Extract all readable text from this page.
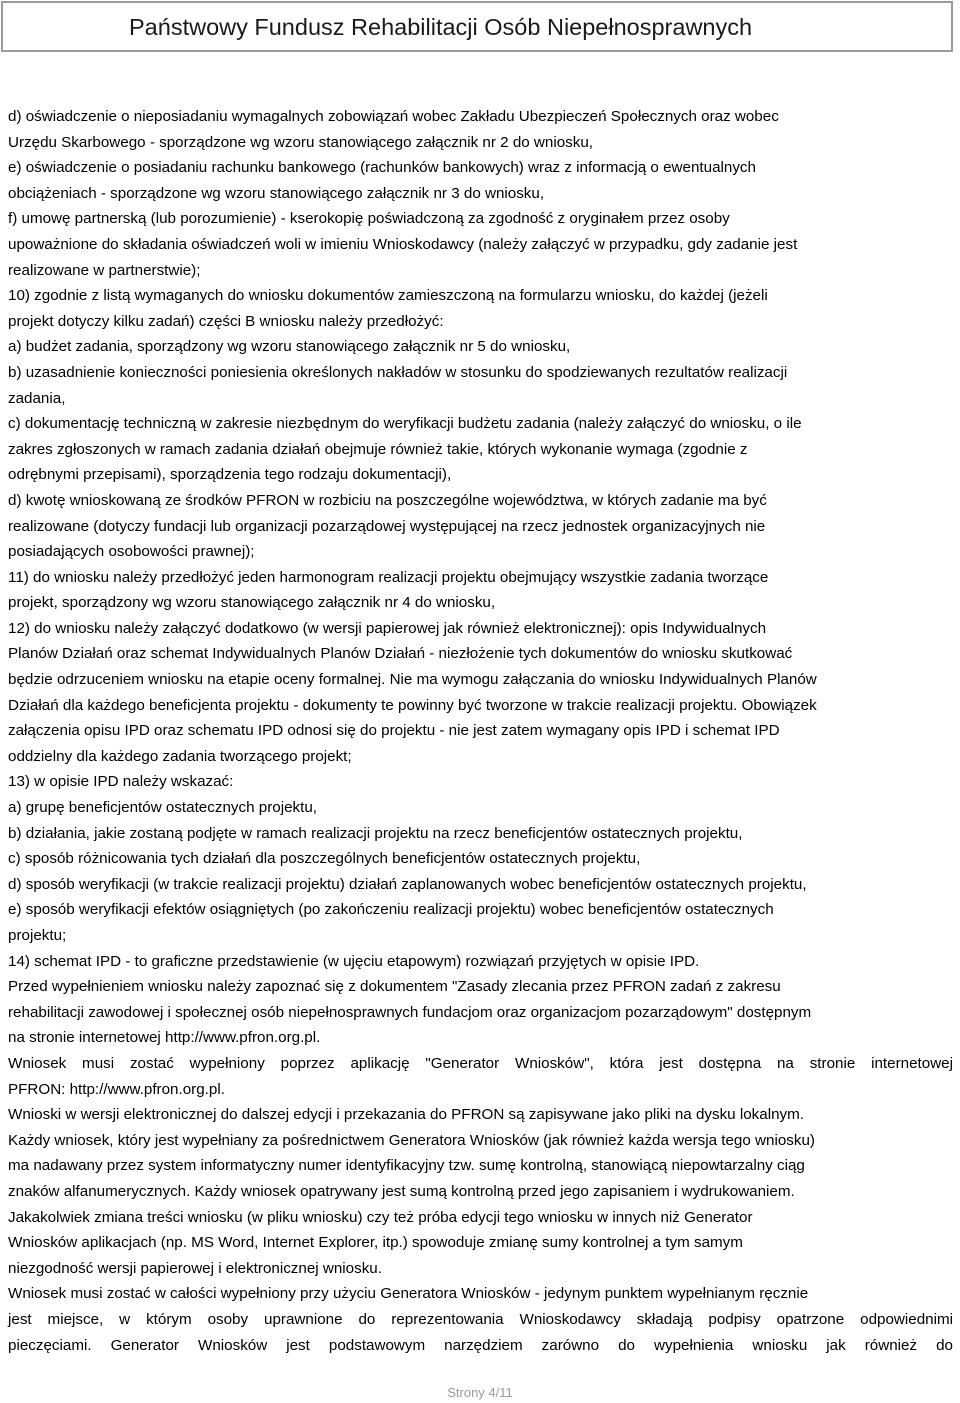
Państwowy Fundusz Rehabilitacji Osób Niepełnosprawnych
d) oświadczenie o nieposiadaniu wymagalnych zobowiązań wobec Zakładu Ubezpieczeń Społecznych oraz wobec
Urzędu Skarbowego - sporządzone wg wzoru stanowiącego załącznik nr 2 do wniosku,
e) oświadczenie o posiadaniu rachunku bankowego (rachunków bankowych) wraz z informacją o ewentualnych
obciążeniach - sporządzone wg wzoru stanowiącego załącznik nr 3 do wniosku,
f) umowę partnerską (lub porozumienie) - kserokopię poświadczoną za zgodność z oryginałem przez osoby
upoważnione do składania oświadczeń woli w imieniu Wnioskodawcy (należy załączyć w przypadku, gdy zadanie jest
realizowane w partnerstwie);
10) zgodnie z listą wymaganych do wniosku dokumentów zamieszczoną na formularzu wniosku, do każdej (jeżeli
projekt dotyczy kilku zadań) części B wniosku należy przedłożyć:
a) budżet zadania, sporządzony wg wzoru stanowiącego załącznik nr 5 do wniosku,
b) uzasadnienie konieczności poniesienia określonych nakładów w stosunku do spodziewanych rezultatów realizacji
zadania,
c) dokumentację techniczną w zakresie niezbędnym do weryfikacji budżetu zadania (należy załączyć do wniosku, o ile
zakres zgłoszonych w ramach zadania działań obejmuje również takie, których wykonanie wymaga (zgodnie z
odrębnymi przepisami), sporządzenia tego rodzaju dokumentacji),
d) kwotę wnioskowaną ze środków PFRON w rozbiciu na poszczególne województwa, w których zadanie ma być
realizowane (dotyczy fundacji lub organizacji pozarządowej występującej na rzecz jednostek organizacyjnych nie
posiadających osobowości prawnej);
11) do wniosku należy przedłożyć jeden harmonogram realizacji projektu obejmujący wszystkie zadania tworzące
projekt, sporządzony wg wzoru stanowiącego załącznik nr 4 do wniosku,
12) do wniosku należy załączyć dodatkowo (w wersji papierowej jak również elektronicznej): opis Indywidualnych
Planów Działań oraz schemat Indywidualnych Planów Działań - niezłożenie tych dokumentów do wniosku skutkować
będzie odrzuceniem wniosku na etapie oceny formalnej. Nie ma wymogu załączania do wniosku Indywidualnych Planów
Działań dla każdego beneficjenta projektu - dokumenty te powinny być tworzone w trakcie realizacji projektu. Obowiązek
załączenia opisu IPD oraz schematu IPD odnosi się do projektu - nie jest zatem wymagany opis IPD i schemat IPD
oddzielny dla każdego zadania tworzącego projekt;
13) w opisie IPD należy wskazać:
a) grupę beneficjentów ostatecznych projektu,
b) działania, jakie zostaną podjęte w ramach realizacji projektu na rzecz beneficjentów ostatecznych projektu,
c) sposób różnicowania tych działań dla poszczególnych beneficjentów ostatecznych projektu,
d) sposób weryfikacji (w trakcie realizacji projektu) działań zaplanowanych wobec beneficjentów ostatecznych projektu,
e) sposób weryfikacji efektów osiągniętych (po zakończeniu realizacji projektu) wobec beneficjentów ostatecznych
projektu;
14) schemat IPD - to graficzne przedstawienie (w ujęciu etapowym) rozwiązań przyjętych w opisie IPD.
Przed wypełnieniem wniosku należy zapoznać się z dokumentem "Zasady zlecania przez PFRON zadań z zakresu
rehabilitacji zawodowej i społecznej osób niepełnosprawnych fundacjom oraz organizacjom pozarządowym" dostępnym
na stronie internetowej http://www.pfron.org.pl.
Wniosek musi zostać wypełniony poprzez aplikację "Generator Wniosków", która jest dostępna na stronie internetowej
PFRON: http://www.pfron.org.pl.
Wnioski w wersji elektronicznej do dalszej edycji i przekazania do PFRON są zapisywane jako pliki na dysku lokalnym.
Każdy wniosek, który jest wypełniany za pośrednictwem Generatora Wniosków (jak również każda wersja tego wniosku)
ma nadawany przez system informatyczny numer identyfikacyjny tzw. sumę kontrolną, stanowiącą niepowtarzalny ciąg
znaków alfanumerycznych. Każdy wniosek opatrywany jest sumą kontrolną przed jego zapisaniem i wydrukowaniem.
Jakakolwiek zmiana treści wniosku (w pliku wniosku) czy też próba edycji tego wniosku w innych niż Generator
Wniosków aplikacjach (np. MS Word, Internet Explorer, itp.) spowoduje zmianę sumy kontrolnej a tym samym
niezgodność wersji papierowej i elektronicznej wniosku.
Wniosek musi zostać w całości wypełniony przy użyciu Generatora Wniosków - jedynym punktem wypełnianym ręcznie
jest miejsce, w którym osoby uprawnione do reprezentowania Wnioskodawcy składają podpisy opatrzone odpowiednimi
pieczęciami. Generator Wniosków jest podstawowym narzędziem zarówno do wypełnienia wniosku jak również do
Strony 4/11
